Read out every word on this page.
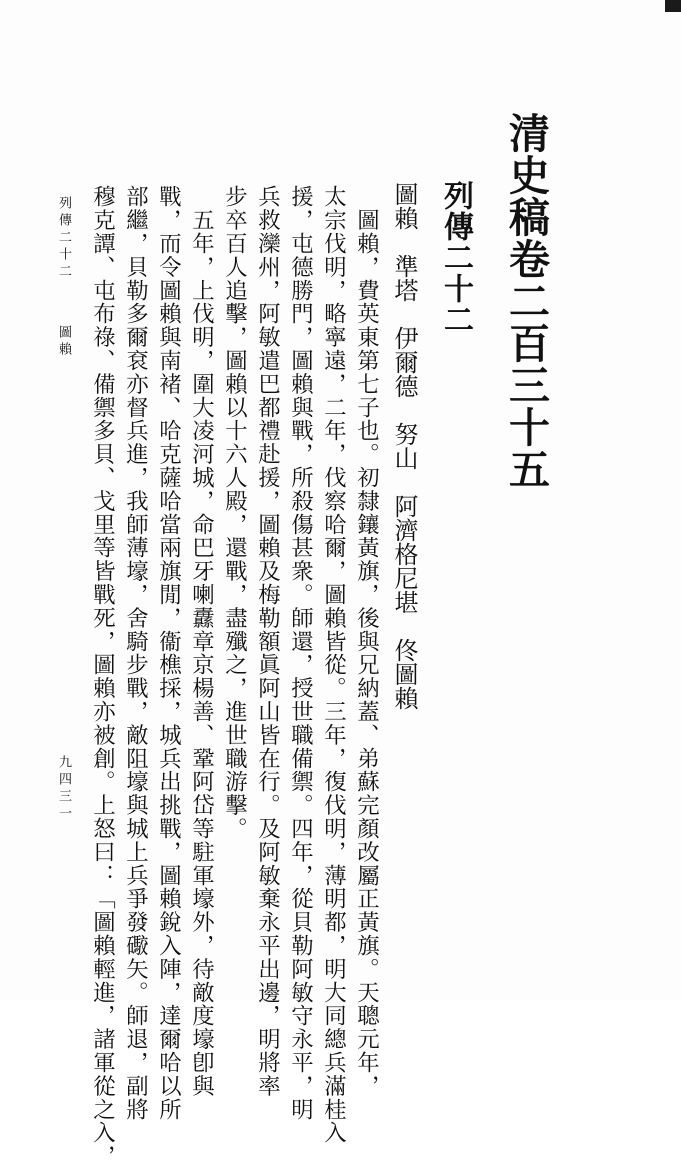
清史稿卷二百三十五
列傳二十二
圖賴　準塔　伊爾德　努山　阿濟格尼堪　佟圖賴
　圖賴，費英東第七子也。初隸鑲黃旗，後與兄納蓋、弟蘇完顏改屬正黃旗。天聰元年，
太宗伐明，略寧遠，二年，伐察哈爾，圖賴皆從。三年，復伐明，薄明都，明大同總兵滿桂入
援，屯德勝門，圖賴與戰，所殺傷甚衆。師還，授世職備禦。四年，從貝勒阿敏守永平，明
兵救灤州，阿敏遣巴都禮赴援，圖賴及梅勒額眞阿山皆在行。及阿敏棄永平出邊，明將率
步卒百人追擊，圖賴以十六人殿，還戰，盡殲之，進世職游擊。
　五年，上伐明，圍大凌河城，命巴牙喇纛章京楊善、鞏阿岱等駐軍壕外，待敵度壕卽與
戰，而令圖賴與南褚、哈克薩哈當兩旗閒，衞樵採，城兵出挑戰，圖賴銳入陣，達爾哈以所
部繼，貝勒多爾袞亦督兵進，我師薄壕，舍騎步戰，敵阻壕與城上兵爭發礮矢。師退，副將
穆克譚、屯布祿、備禦多貝、戈里等皆戰死，圖賴亦被創。上怒曰：「圖賴輕進，諸軍從之入，
列傳二十二圖賴
九四三一
